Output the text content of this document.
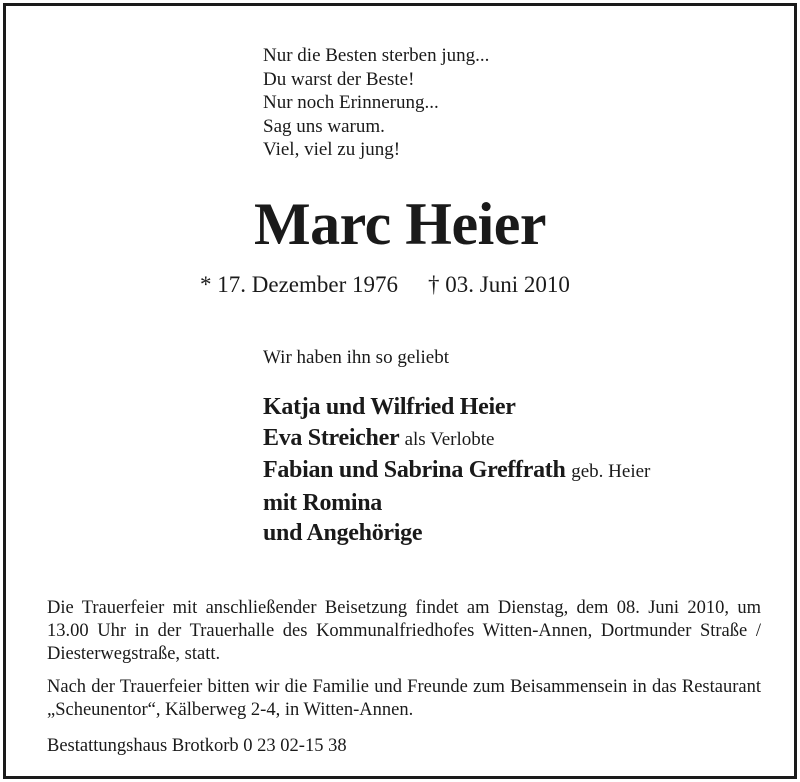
Nur die Besten sterben jung...
Du warst der Beste!
Nur noch Erinnerung...
Sag uns warum.
Viel, viel zu jung!
Marc Heier
* 17. Dezember 1976 † 03. Juni 2010
Wir haben ihn so geliebt
Katja und Wilfried Heier
Eva Streicher als Verlobte
Fabian und Sabrina Greffrath geb. Heier
mit Romina
und Angehörige

Die Trauerfeier mit anschließender Beisetzung findet am Dienstag, dem 08. Juni 2010, um 13.00 Uhr in der Trauerhalle des Kommunalfriedhofes Witten-Annen, Dortmunder Straße / Diesterwegstraße, statt.

Nach der Trauerfeier bitten wir die Familie und Freunde zum Beisammensein in das Restaurant „Scheunentor“, Kälberweg 2-4, in Witten-Annen.

Bestattungshaus Brotkorb 0 23 02-15 38
